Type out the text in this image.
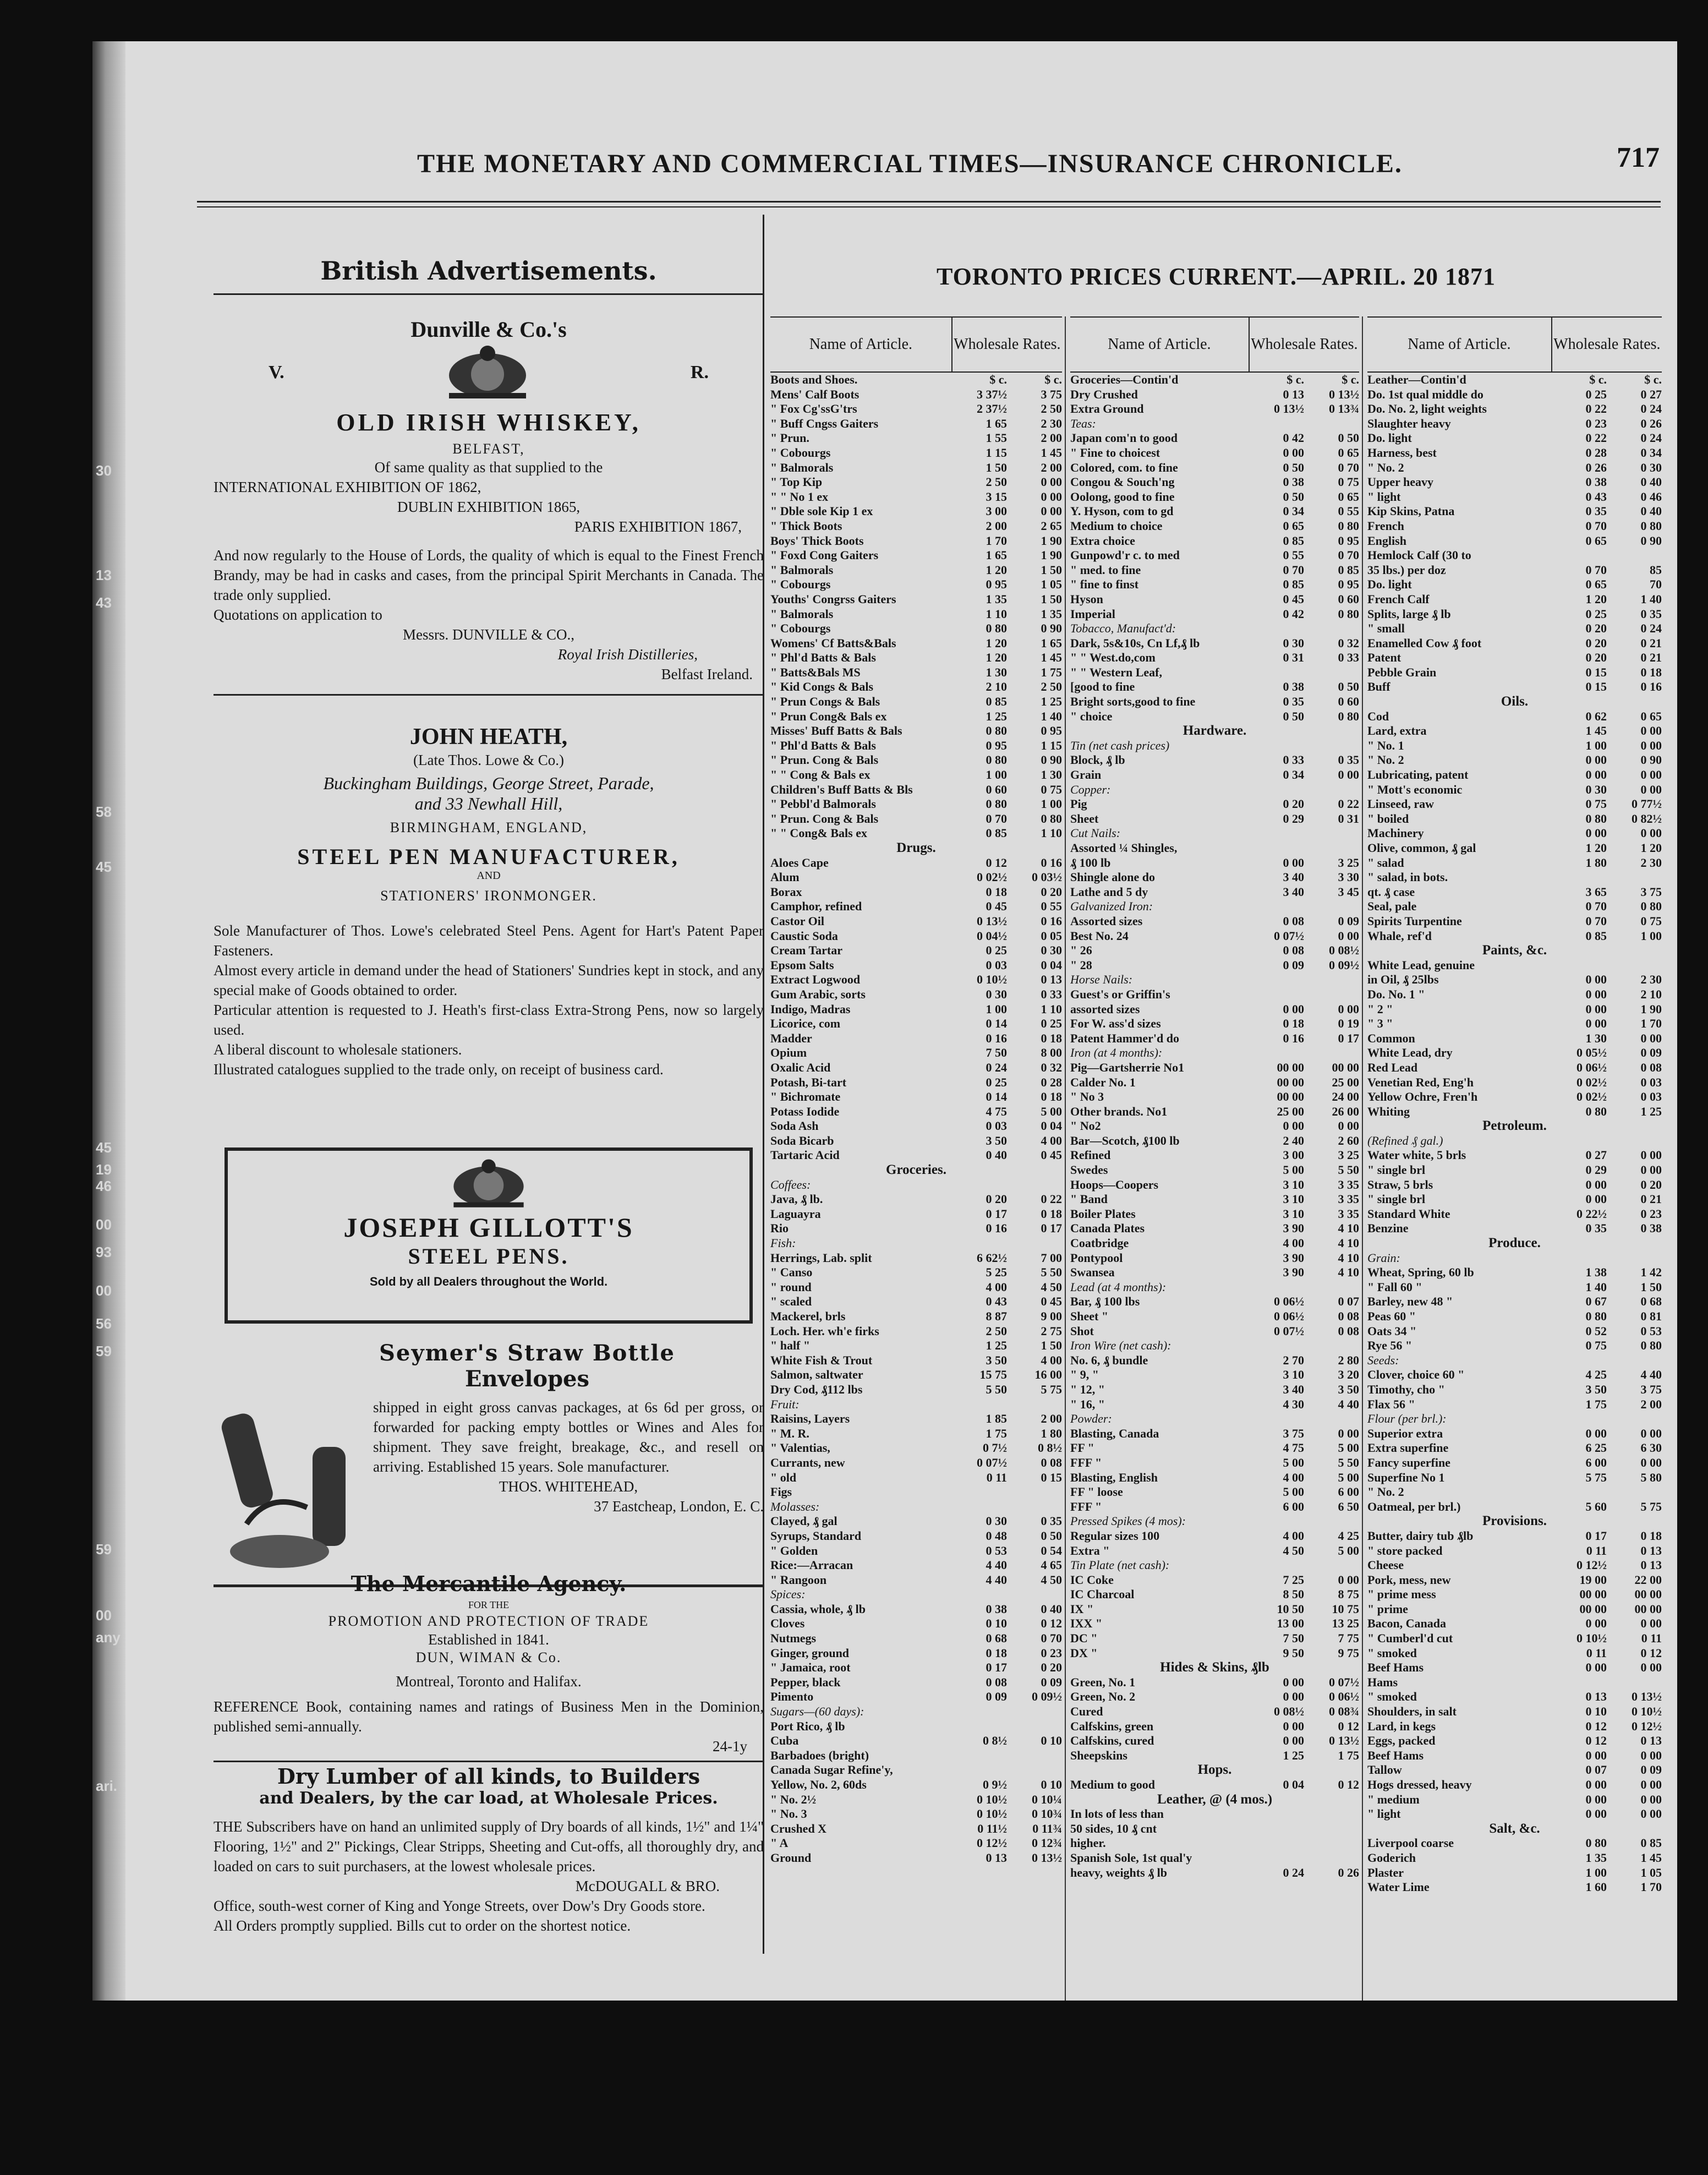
30
13
43
58
45
45
19
46
00
93
00
56
59
59
00
any
ari.
THE MONETARY AND COMMERCIAL TIMES—INSURANCE CHRONICLE.	717

British Advertisements.

Dunville & Co.'s

V.	R.

OLD IRISH WHISKEY,

BELFAST,

Of same quality as that supplied to the

INTERNATIONAL EXHIBITION OF 1862,

DUBLIN EXHIBITION 1865,

PARIS EXHIBITION 1867,

And now regularly to the House of Lords, the quality of which is equal to the Finest French Brandy, may be had in casks and cases, from the principal Spirit Merchants in Canada. The trade only supplied.

Quotations on application to

Messrs. DUNVILLE & CO.,

Royal Irish Distilleries,

Belfast Ireland.

JOHN HEATH,

(Late Thos. Lowe & Co.)

Buckingham Buildings, George Street, Parade,

and 33 Newhall Hill,

BIRMINGHAM, ENGLAND,

STEEL PEN MANUFACTURER,

AND

STATIONERS' IRONMONGER.

Sole Manufacturer of Thos. Lowe's celebrated Steel Pens. Agent for Hart's Patent Paper Fasteners.

Almost every article in demand under the head of Stationers' Sundries kept in stock, and any special make of Goods obtained to order.

Particular attention is requested to J. Heath's first-class Extra-Strong Pens, now so largely used.

A liberal discount to wholesale stationers.

Illustrated catalogues supplied to the trade only, on receipt of business card.

JOSEPH GILLOTT'S

STEEL PENS.

Sold by all Dealers throughout the World.

Seymer's Straw Bottle

Envelopes

shipped in eight gross canvas packages, at 6s 6d per gross, or forwarded for packing empty bottles or Wines and Ales for shipment. They save freight, breakage, &c., and resell on arriving. Established 15 years. Sole manufacturer.

THOS. WHITEHEAD,

37 Eastcheap, London, E. C.

The Mercantile Agency.

FOR THE

PROMOTION AND PROTECTION OF TRADE

Established in 1841.

DUN, WIMAN & Co.

Montreal, Toronto and Halifax.

REFERENCE Book, containing names and ratings of Business Men in the Dominion, published semi-annually.

24-1y

Dry Lumber of all kinds, to Builders

and Dealers, by the car load, at Wholesale Prices.

THE Subscribers have on hand an unlimited supply of Dry boards of all kinds, 1½" and 1¼" Flooring, 1½" and 2" Pickings, Clear Stripps, Sheeting and Cut-offs, all thoroughly dry, and loaded on cars to suit purchasers, at the lowest wholesale prices.

McDOUGALL & BRO.

Office, south-west corner of King and Yonge Streets, over Dow's Dry Goods store.

All Orders promptly supplied. Bills cut to order on the shortest notice.

TORONTO PRICES CURRENT.—APRIL. 20 1871
Name of Article.	Wholesale Rates.
Boots and Shoes.	$ c.	$ c.
Mens' Calf Boots	3 37½	3 75
" Fox Cg'ssG'trs	2 37½	2 50
" Buff Cngss Gaiters	1 65	2 30
" Prun.	1 55	2 00
" Cobourgs	1 15	1 45
" Balmorals	1 50	2 00
" Top Kip	2 50	0 00
" " No 1 ex	3 15	0 00
" Dble sole Kip 1 ex	3 00	0 00
" Thick Boots	2 00	2 65
Boys' Thick Boots	1 70	1 90
" Foxd Cong Gaiters	1 65	1 90
" Balmorals	1 20	1 50
" Cobourgs	0 95	1 05
Youths' Congrss Gaiters	1 35	1 50
" Balmorals	1 10	1 35
" Cobourgs	0 80	0 90
Womens' Cf Batts&Bals	1 20	1 65
" Phl'd Batts & Bals	1 20	1 45
" Batts&Bals MS	1 30	1 75
" Kid Congs & Bals	2 10	2 50
" Prun Congs & Bals	0 85	1 25
" Prun Cong& Bals ex	1 25	1 40
Misses' Buff Batts & Bals	0 80	0 95
" Phl'd Batts & Bals	0 95	1 15
" Prun. Cong & Bals	0 80	0 90
" " Cong & Bals ex	1 00	1 30
Children's Buff Batts & Bls	0 60	0 75
" Pebbl'd Balmorals	0 80	1 00
" Prun. Cong & Bals	0 70	0 80
" " Cong& Bals ex	0 85	1 10
Drugs.
Aloes Cape	0 12	0 16
Alum	0 02½	0 03½
Borax	0 18	0 20
Camphor, refined	0 45	0 55
Castor Oil	0 13½	0 16
Caustic Soda	0 04½	0 05
Cream Tartar	0 25	0 30
Epsom Salts	0 03	0 04
Extract Logwood	0 10½	0 13
Gum Arabic, sorts	0 30	0 33
Indigo, Madras	1 00	1 10
Licorice, com	0 14	0 25
Madder	0 16	0 18
Opium	7 50	8 00
Oxalic Acid	0 24	0 32
Potash, Bi-tart	0 25	0 28
" Bichromate	0 14	0 18
Potass Iodide	4 75	5 00
Soda Ash	0 03	0 04
Soda Bicarb	3 50	4 00
Tartaric Acid	0 40	0 45
Groceries.
Coffees:
Java, ₰ lb.	0 20	0 22
Laguayra	0 17	0 18
Rio	0 16	0 17
Fish:
Herrings, Lab. split	6 62½	7 00
" Canso	5 25	5 50
" round	4 00	4 50
" scaled	0 43	0 45
Mackerel, brls	8 87	9 00
Loch. Her. wh'e firks	2 50	2 75
" half "	1 25	1 50
White Fish & Trout	3 50	4 00
Salmon, saltwater	15 75	16 00
Dry Cod, ₰112 lbs	5 50	5 75
Fruit:
Raisins, Layers	1 85	2 00
" M. R.	1 75	1 80
" Valentias,	0 7½	0 8½
Currants, new	0 07½	0 08
" old	0 11	0 15
Figs
Molasses:
Clayed, ₰ gal	0 30	0 35
Syrups, Standard	0 48	0 50
" Golden	0 53	0 54
Rice:—Arracan	4 40	4 65
" Rangoon	4 40	4 50
Spices:
Cassia, whole, ₰ lb	0 38	0 40
Cloves	0 10	0 12
Nutmegs	0 68	0 70
Ginger, ground	0 18	0 23
" Jamaica, root	0 17	0 20
Pepper, black	0 08	0 09
Pimento	0 09	0 09½
Sugars—(60 days):
Port Rico, ₰ lb
Cuba	0 8½	0 10
Barbadoes (bright)
Canada Sugar Refine'y,
Yellow, No. 2, 60ds	0 9½	0 10
" No. 2½	0 10½	0 10¼
" No. 3	0 10½	0 10¾
Crushed X	0 11½	0 11¾
" A	0 12½	0 12¾
Ground	0 13	0 13½
Name of Article.	Wholesale Rates.
Groceries—Contin'd	$ c.	$ c.
Dry Crushed	0 13	0 13½
Extra Ground	0 13½	0 13¾
Teas:
Japan com'n to good	0 42	0 50
" Fine to choicest	0 00	0 65
Colored, com. to fine	0 50	0 70
Congou & Souch'ng	0 38	0 75
Oolong, good to fine	0 50	0 65
Y. Hyson, com to gd	0 34	0 55
Medium to choice	0 65	0 80
Extra choice	0 85	0 95
Gunpowd'r c. to med	0 55	0 70
" med. to fine	0 70	0 85
" fine to finst	0 85	0 95
Hyson	0 45	0 60
Imperial	0 42	0 80
Tobacco, Manufact'd:
Dark, 5s&10s, Cn Lf,₰ lb	0 30	0 32
" " West.do,com	0 31	0 33
" " Western Leaf,
[good to fine	0 38	0 50
Bright sorts,good to fine	0 35	0 60
" choice	0 50	0 80
Hardware.
Tin (net cash prices)
Block, ₰ lb	0 33	0 35
Grain	0 34	0 00
Copper:
Pig	0 20	0 22
Sheet	0 29	0 31
Cut Nails:
Assorted ¼ Shingles,
₰ 100 lb	0 00	3 25
Shingle alone do	3 40	3 30
Lathe and 5 dy	3 40	3 45
Galvanized Iron:
Assorted sizes	0 08	0 09
Best No. 24	0 07½	0 00
" 26	0 08	0 08½
" 28	0 09	0 09½
Horse Nails:
Guest's or Griffin's
assorted sizes	0 00	0 00
For W. ass'd sizes	0 18	0 19
Patent Hammer'd do	0 16	0 17
Iron (at 4 months):
Pig—Gartsherrie No1	00 00	00 00
Calder No. 1	00 00	25 00
" No 3	00 00	24 00
Other brands. No1	25 00	26 00
" No2	0 00	0 00
Bar—Scotch, ₰100 lb	2 40	2 60
Refined	3 00	3 25
Swedes	5 00	5 50
Hoops—Coopers	3 10	3 35
" Band	3 10	3 35
Boiler Plates	3 10	3 35
Canada Plates	3 90	4 10
Coatbridge	4 00	4 10
Pontypool	3 90	4 10
Swansea	3 90	4 10
Lead (at 4 months):
Bar, ₰ 100 lbs	0 06½	0 07
Sheet "	0 06½	0 08
Shot	0 07½	0 08
Iron Wire (net cash):
No. 6, ₰ bundle	2 70	2 80
" 9, "	3 10	3 20
" 12, "	3 40	3 50
" 16, "	4 30	4 40
Powder:
Blasting, Canada	3 75	0 00
FF "	4 75	5 00
FFF "	5 00	5 50
Blasting, English	4 00	5 00
FF " loose	5 00	6 00
FFF "	6 00	6 50
Pressed Spikes (4 mos):
Regular sizes 100	4 00	4 25
Extra "	4 50	5 00
Tin Plate (net cash):
IC Coke	7 25	0 00
IC Charcoal	8 50	8 75
IX "	10 50	10 75
IXX "	13 00	13 25
DC "	7 50	7 75
DX "	9 50	9 75
Hides & Skins, ₰lb
Green, No. 1	0 00	0 07½
Green, No. 2	0 00	0 06½
Cured	0 08½	0 08¾
Calfskins, green	0 00	0 12
Calfskins, cured	0 00	0 13½
Sheepskins	1 25	1 75
Hops.
Medium to good	0 04	0 12
Leather, @ (4 mos.)
In lots of less than
50 sides, 10 ₰ cnt
higher.
Spanish Sole, 1st qual'y
heavy, weights ₰ lb	0 24	0 26
Name of Article.	Wholesale Rates.
Leather—Contin'd	$ c.	$ c.
Do. 1st qual middle do	0 25	0 27
Do. No. 2, light weights	0 22	0 24
Slaughter heavy	0 23	0 26
Do. light	0 22	0 24
Harness, best	0 28	0 34
" No. 2	0 26	0 30
Upper heavy	0 38	0 40
" light	0 43	0 46
Kip Skins, Patna	0 35	0 40
French	0 70	0 80
English	0 65	0 90
Hemlock Calf (30 to
35 lbs.) per doz	0 70	85
Do. light	0 65	70
French Calf	1 20	1 40
Splits, large ₰ lb	0 25	0 35
" small	0 20	0 24
Enamelled Cow ₰ foot	0 20	0 21
Patent	0 20	0 21
Pebble Grain	0 15	0 18
Buff	0 15	0 16
Oils.
Cod	0 62	0 65
Lard, extra	1 45	0 00
" No. 1	1 00	0 00
" No. 2	0 00	0 90
Lubricating, patent	0 00	0 00
" Mott's economic	0 30	0 00
Linseed, raw	0 75	0 77½
" boiled	0 80	0 82½
Machinery	0 00	0 00
Olive, common, ₰ gal	1 20	1 20
" salad	1 80	2 30
" salad, in bots.
qt. ₰ case	3 65	3 75
Seal, pale	0 70	0 80
Spirits Turpentine	0 70	0 75
Whale, ref'd	0 85	1 00
Paints, &c.
White Lead, genuine
in Oil, ₰ 25lbs	0 00	2 30
Do. No. 1 "	0 00	2 10
" 2 "	0 00	1 90
" 3 "	0 00	1 70
Common	1 30	0 00
White Lead, dry	0 05½	0 09
Red Lead	0 06½	0 08
Venetian Red, Eng'h	0 02½	0 03
Yellow Ochre, Fren'h	0 02½	0 03
Whiting	0 80	1 25
Petroleum.
(Refined ₰ gal.)
Water white, 5 brls	0 27	0 00
" single brl	0 29	0 00
Straw, 5 brls	0 00	0 20
" single brl	0 00	0 21
Standard White	0 22½	0 23
Benzine	0 35	0 38
Produce.
Grain:
Wheat, Spring, 60 lb	1 38	1 42
" Fall 60 "	1 40	1 50
Barley, new 48 "	0 67	0 68
Peas 60 "	0 80	0 81
Oats 34 "	0 52	0 53
Rye 56 "	0 75	0 80
Seeds:
Clover, choice 60 "	4 25	4 40
Timothy, cho "	3 50	3 75
Flax 56 "	1 75	2 00
Flour (per brl.):
Superior extra	0 00	0 00
Extra superfine	6 25	6 30
Fancy superfine	6 00	0 00
Superfine No 1	5 75	5 80
" No. 2
Oatmeal, per brl.)	5 60	5 75
Provisions.
Butter, dairy tub ₰lb	0 17	0 18
" store packed	0 11	0 13
Cheese	0 12½	0 13
Pork, mess, new	19 00	22 00
" prime mess	00 00	00 00
" prime	00 00	00 00
Bacon, Canada	0 00	0 00
" Cumberl'd cut	0 10½	0 11
" smoked	0 11	0 12
Beef Hams	0 00	0 00
Hams
" smoked	0 13	0 13½
Shoulders, in salt	0 10	0 10½
Lard, in kegs	0 12	0 12½
Eggs, packed	0 12	0 13
Beef Hams	0 00	0 00
Tallow	0 07	0 09
Hogs dressed, heavy	0 00	0 00
" medium	0 00	0 00
" light	0 00	0 00
Salt, &c.
Liverpool coarse	0 80	0 85
Goderich	1 35	1 45
Plaster	1 00	1 05
Water Lime	1 60	1 70
